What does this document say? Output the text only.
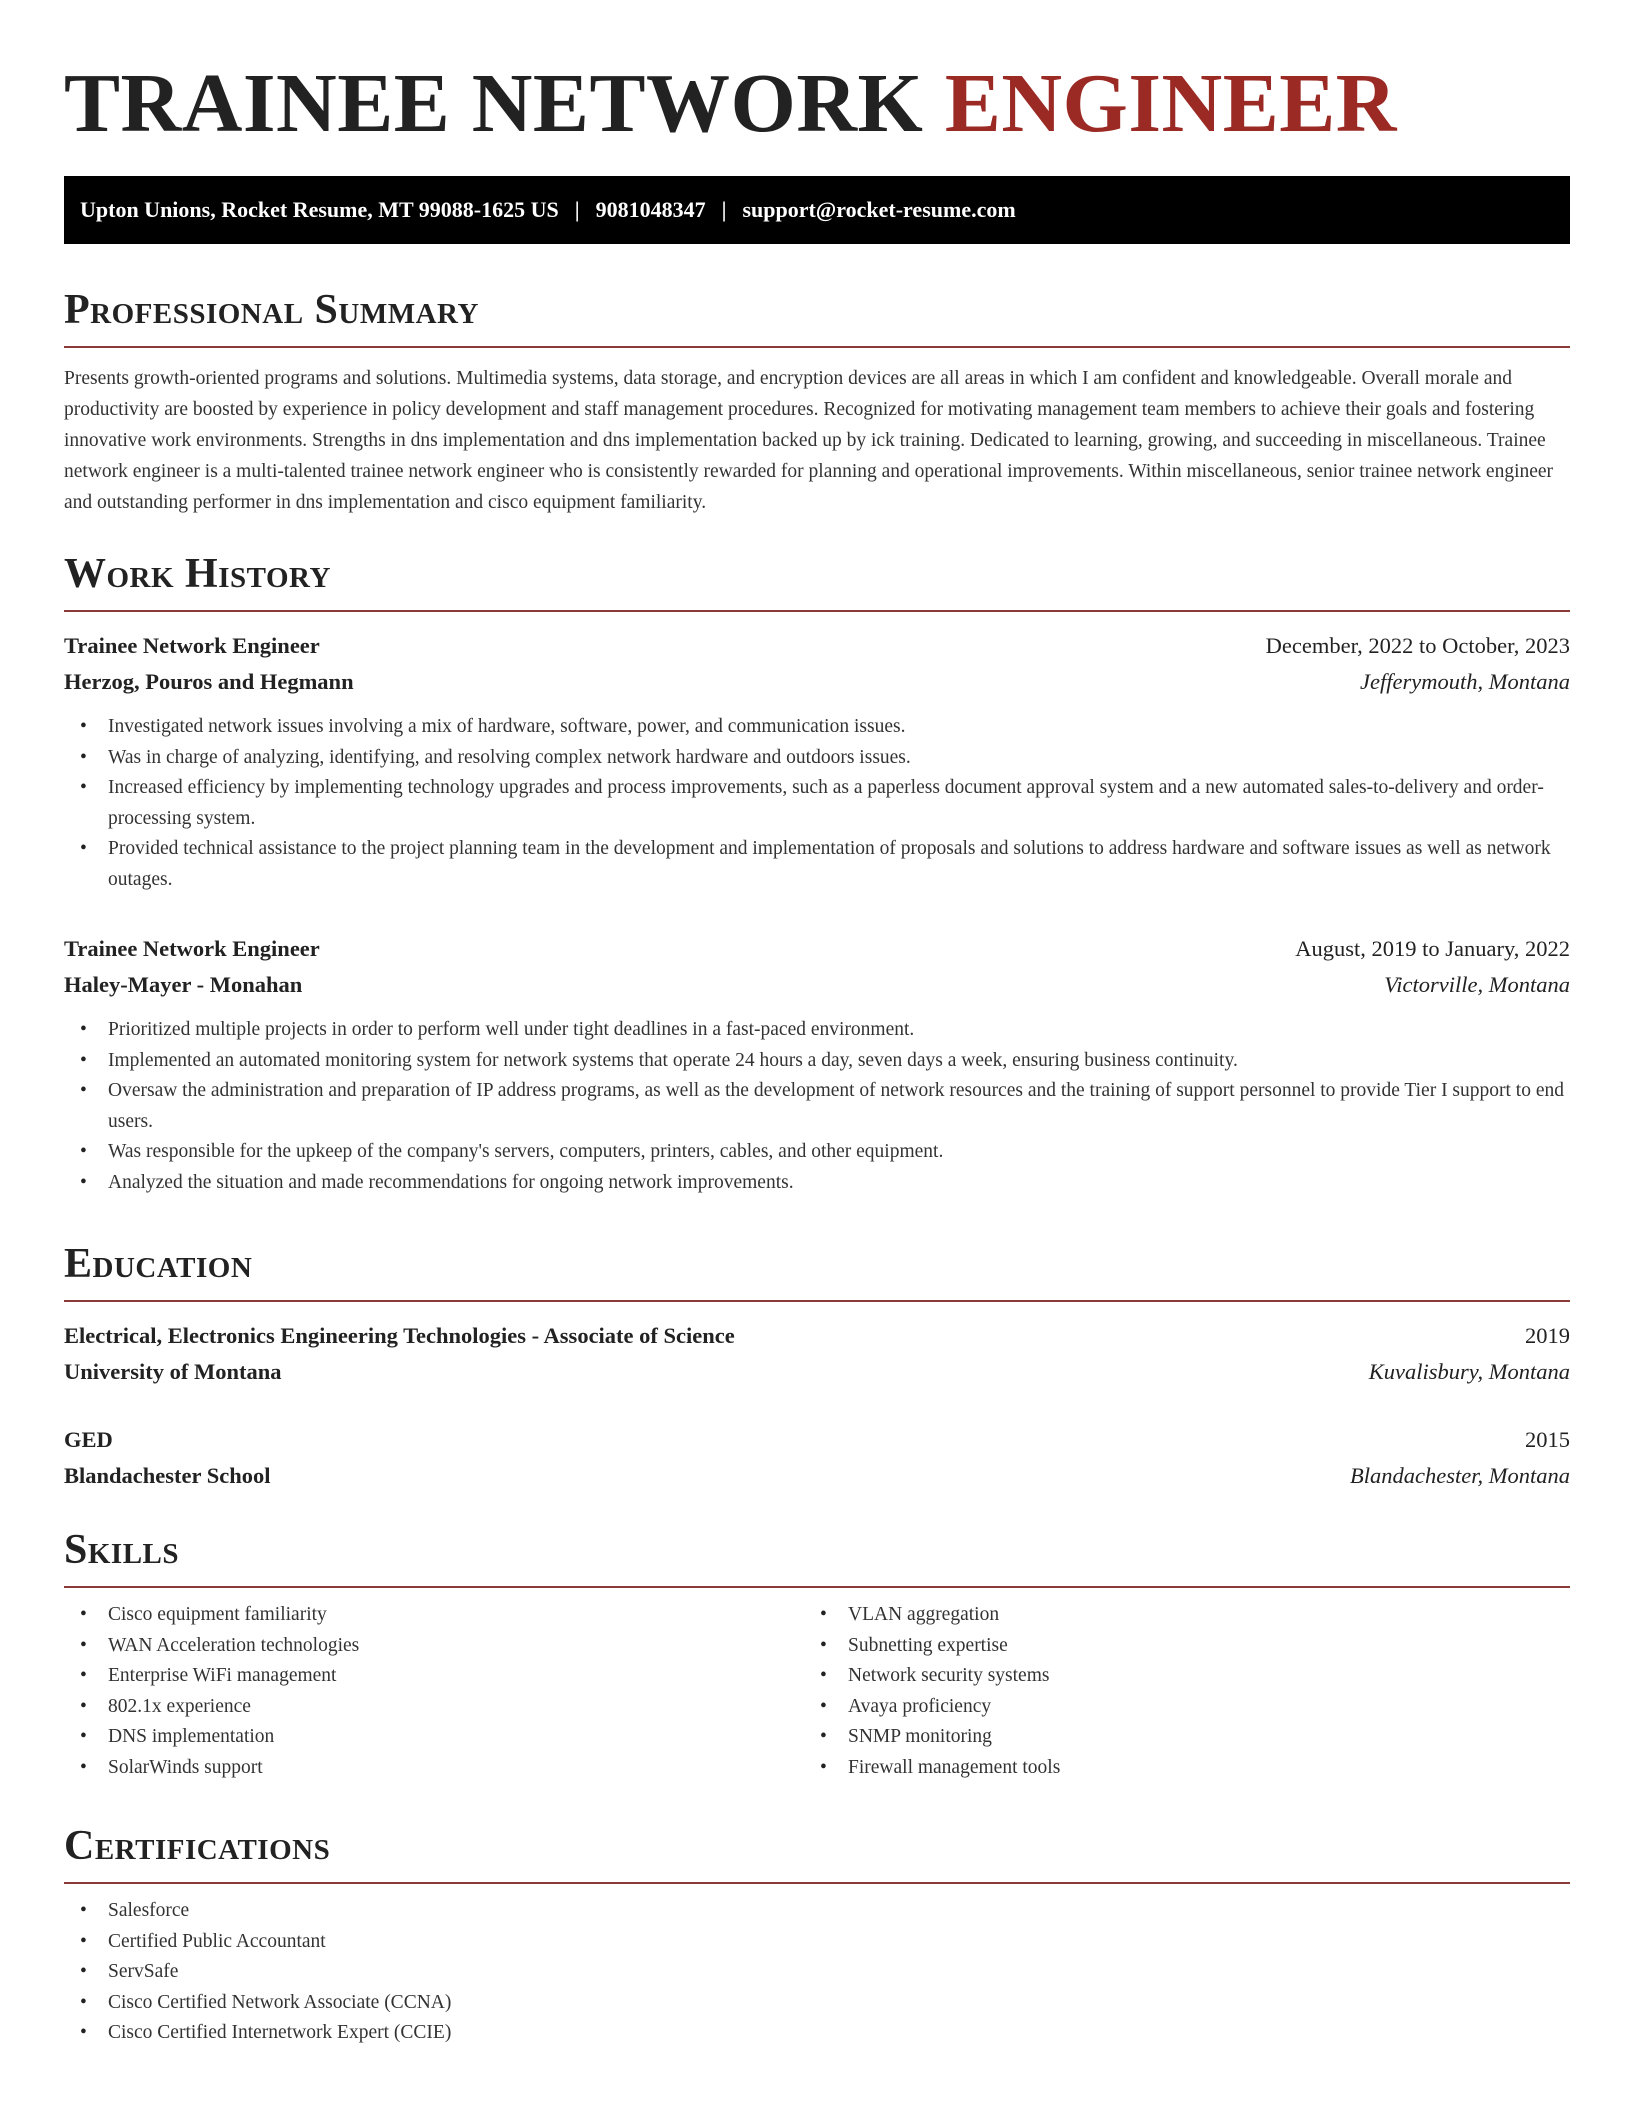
TRAINEE NETWORK ENGINEER
Upton Unions, Rocket Resume, MT 99088-1625 US | 9081048347 | support@rocket-resume.com
Professional Summary

Presents growth-oriented programs and solutions. Multimedia systems, data storage, and encryption devices are all areas in which I am confident and knowledgeable. Overall morale and productivity are boosted by experience in policy development and staff management procedures. Recognized for motivating management team members to achieve their goals and fostering innovative work environments. Strengths in dns implementation and dns implementation backed up by ick training. Dedicated to learning, growing, and succeeding in miscellaneous. Trainee network engineer is a multi-talented trainee network engineer who is consistently rewarded for planning and operational improvements. Within miscellaneous, senior trainee network engineer and outstanding performer in dns implementation and cisco equipment familiarity.

Work History
Trainee Network Engineer	December, 2022 to October, 2023
Herzog, Pouros and Hegmann	Jefferymouth, Montana
• Investigated network issues involving a mix of hardware, software, power, and communication issues.
• Was in charge of analyzing, identifying, and resolving complex network hardware and outdoors issues.
• Increased efficiency by implementing technology upgrades and process improvements, such as a paperless document approval system and a new automated sales-to-delivery and order-processing system.
• Provided technical assistance to the project planning team in the development and implementation of proposals and solutions to address hardware and software issues as well as network outages.
Trainee Network Engineer	August, 2019 to January, 2022
Haley-Mayer - Monahan	Victorville, Montana
• Prioritized multiple projects in order to perform well under tight deadlines in a fast-paced environment.
• Implemented an automated monitoring system for network systems that operate 24 hours a day, seven days a week, ensuring business continuity.
• Oversaw the administration and preparation of IP address programs, as well as the development of network resources and the training of support personnel to provide Tier I support to end users.
• Was responsible for the upkeep of the company's servers, computers, printers, cables, and other equipment.
• Analyzed the situation and made recommendations for ongoing network improvements.
Education
Electrical, Electronics Engineering Technologies - Associate of Science	2019
University of Montana	Kuvalisbury, Montana
GED	2015
Blandachester School	Blandachester, Montana
Skills
• Cisco equipment familiarity
• WAN Acceleration technologies
• Enterprise WiFi management
• 802.1x experience
• DNS implementation
• SolarWinds support
• VLAN aggregation
• Subnetting expertise
• Network security systems
• Avaya proficiency
• SNMP monitoring
• Firewall management tools
Certifications
• Salesforce
• Certified Public Accountant
• ServSafe
• Cisco Certified Network Associate (CCNA)
• Cisco Certified Internetwork Expert (CCIE)
